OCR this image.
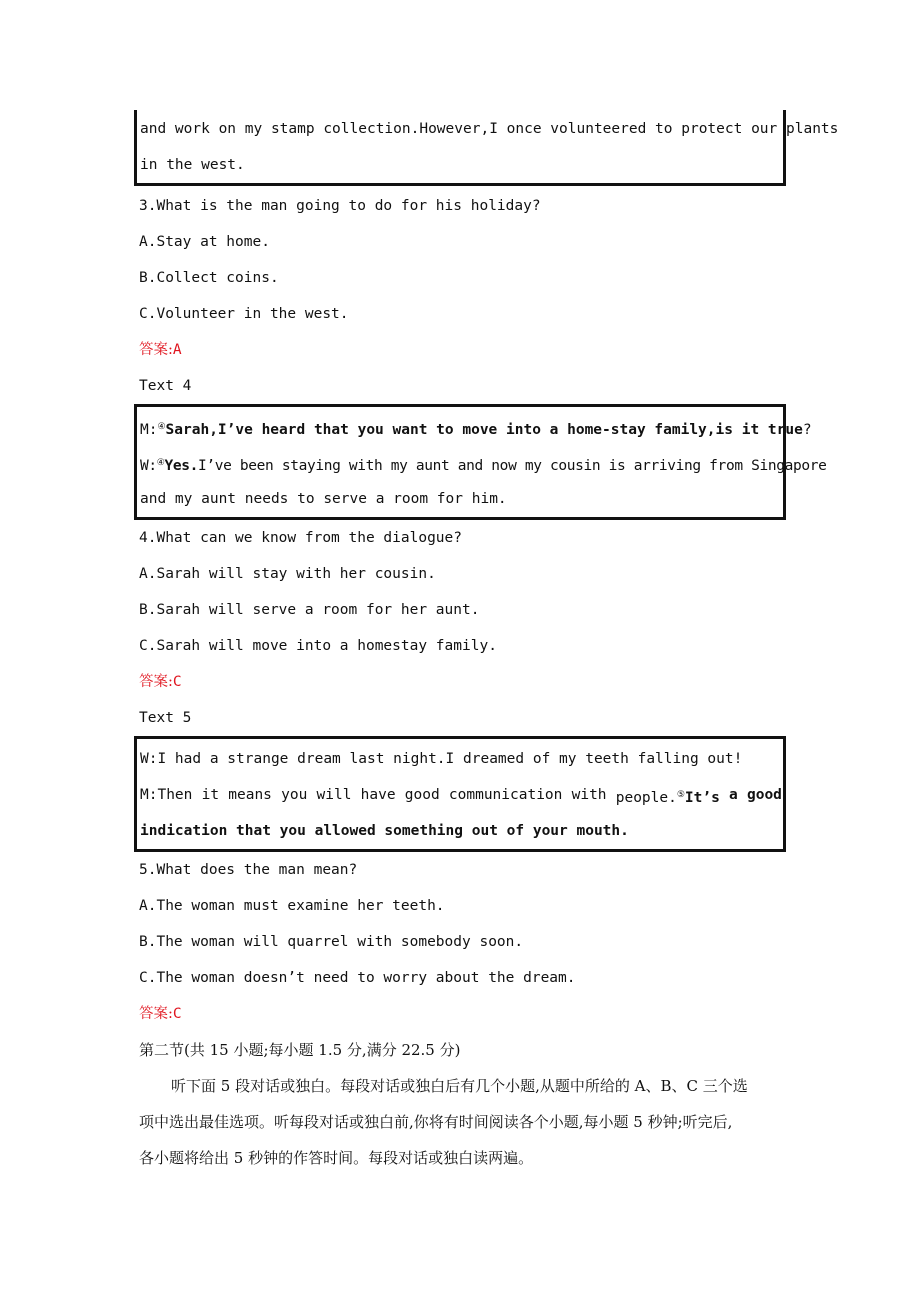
and work on my stamp collection.However,I once volunteered to protect our plants
in the west.
3.What is the man going to do for his holiday?
A.Stay at home.
B.Collect coins.
C.Volunteer in the west.
答案:A
Text 4
M:④Sarah,I’ve heard that you want to move into a home-stay family,is it true?
W:④Yes.I’ve been staying with my aunt and now my cousin is arriving from Singapore
and my aunt needs to serve a room for him.
4.What can we know from the dialogue?
A.Sarah will stay with her cousin.
B.Sarah will serve a room for her aunt.
C.Sarah will move into a homestay family.
答案:C
Text 5
W:I had a strange dream last night.I dreamed of my teeth falling out!
M:Then it means you will have good communication with people.⑤It’s a good
indication that you allowed something out of your mouth.
5.What does the man mean?
A.The woman must examine her teeth.
B.The woman will quarrel with somebody soon.
C.The woman doesn’t need to worry about the dream.
答案:C
第二节(共 15 小题;每小题 1.5 分,满分 22.5 分)
听下面 5 段对话或独白。每段对话或独白后有几个小题,从题中所给的 A、B、C 三个选
项中选出最佳选项。听每段对话或独白前,你将有时间阅读各个小题,每小题 5 秒钟;听完后,
各小题将给出 5 秒钟的作答时间。每段对话或独白读两遍。
